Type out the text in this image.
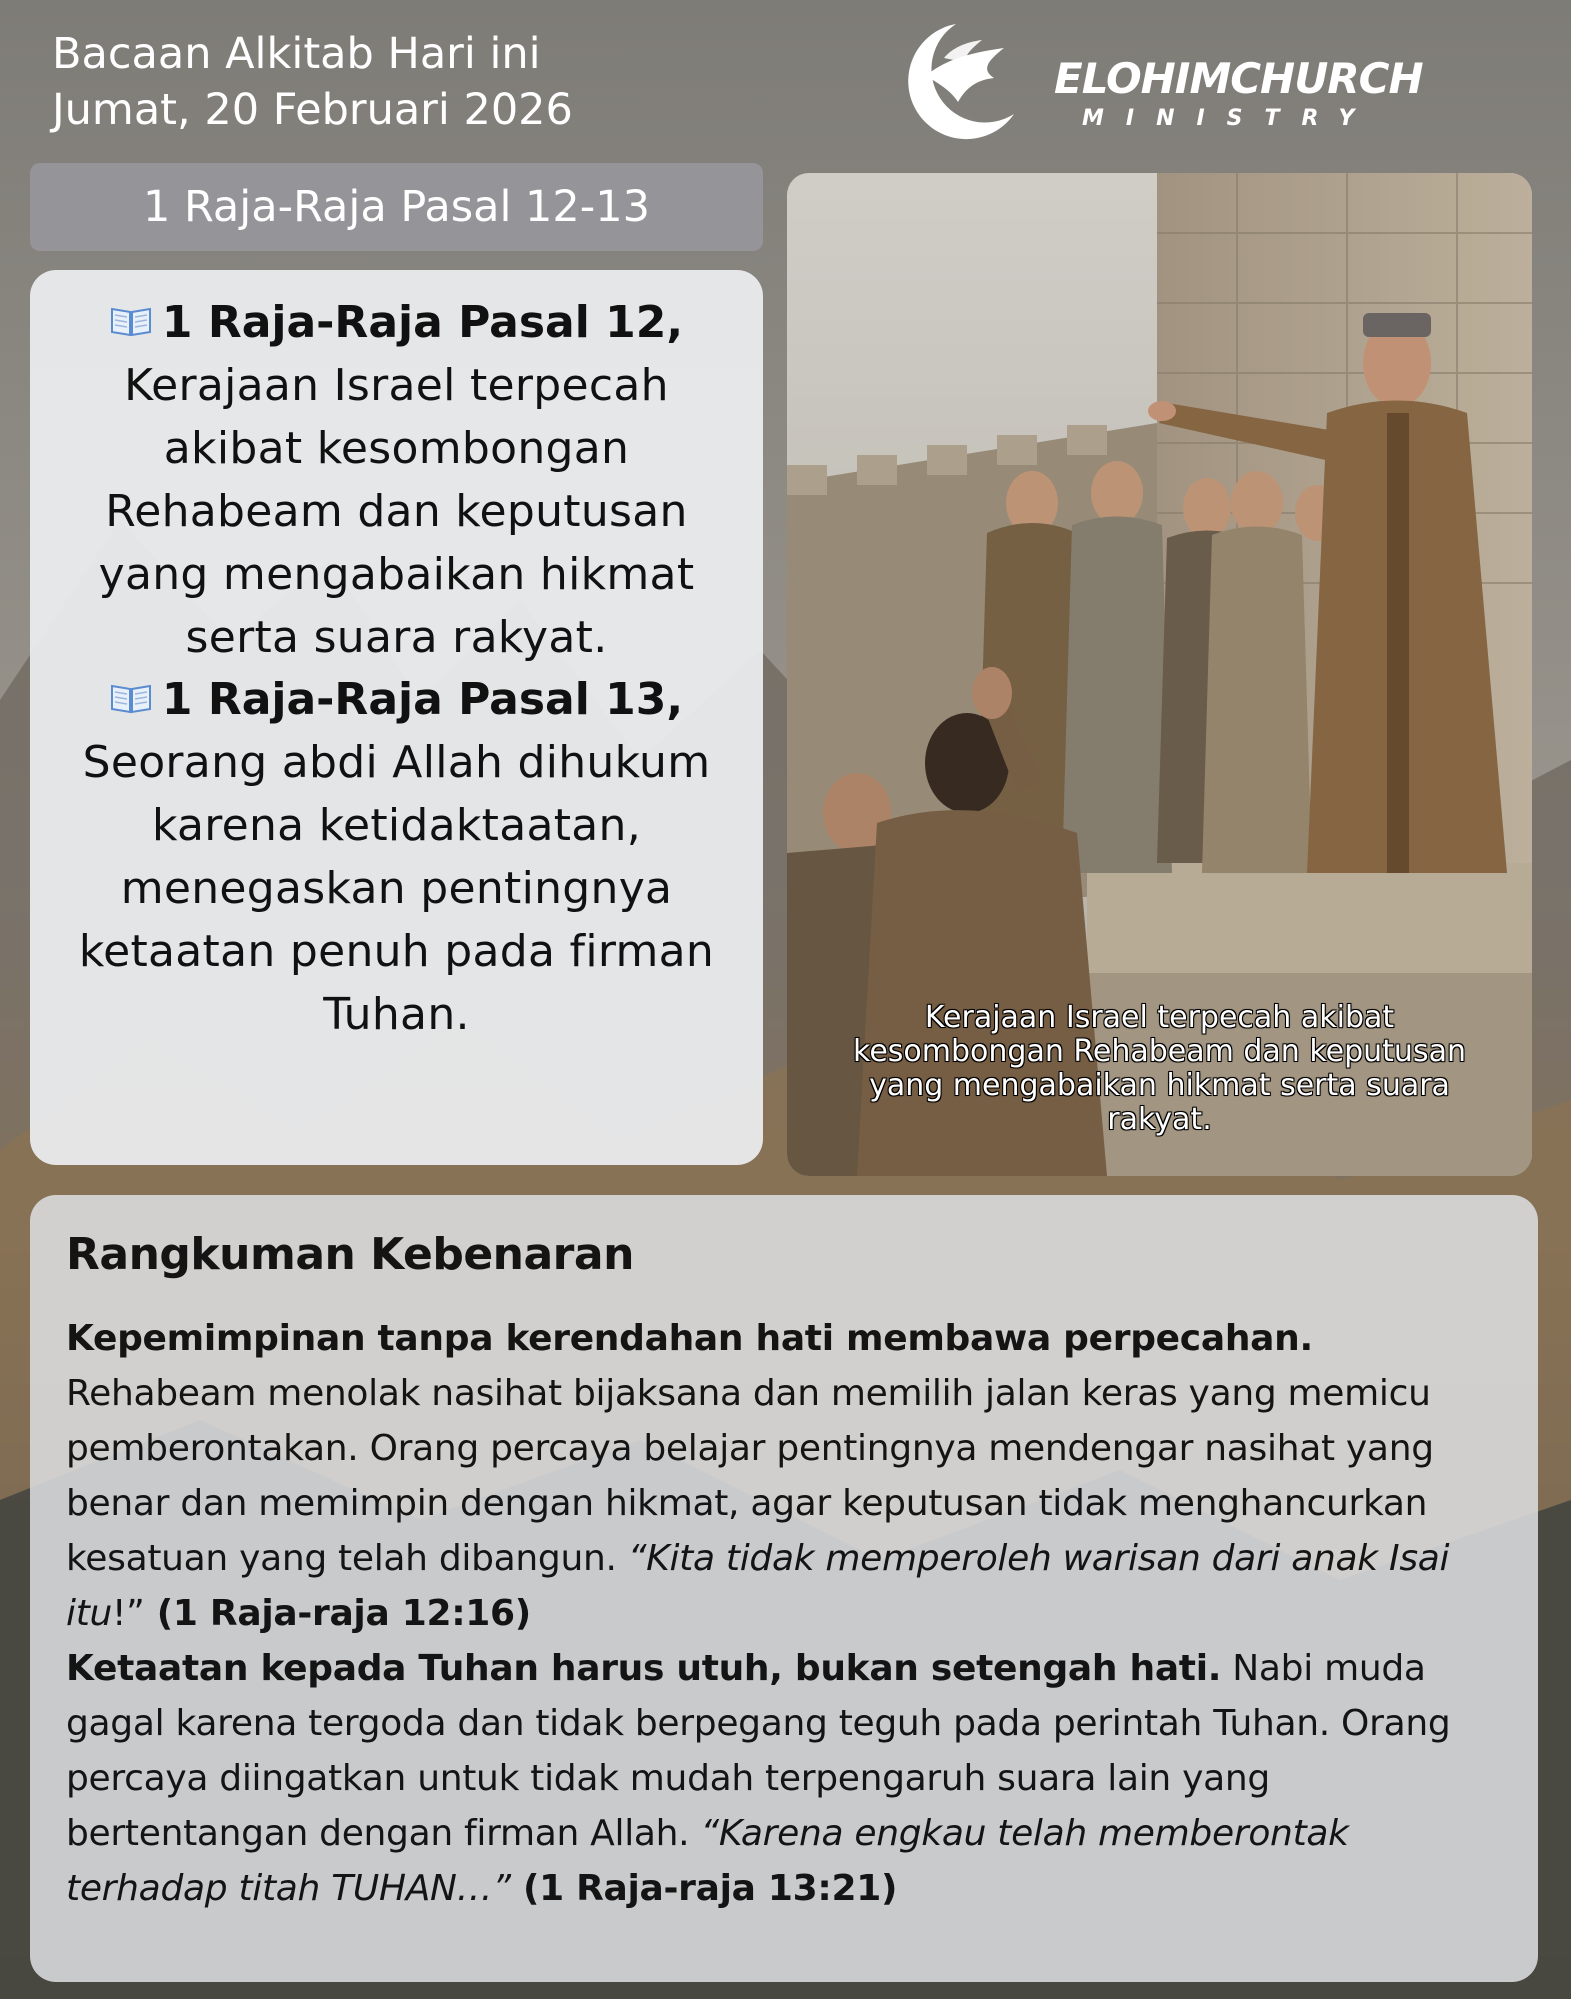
Bacaan Alkitab Hari ini
Jumat, 20 Februari 2026
ELOHIMCHURCH
MINISTRY
1 Raja-Raja Pasal 12-13
1 Raja-Raja Pasal 12,
Kerajaan Israel terpecah akibat kesombongan Rehabeam dan keputusan yang mengabaikan hikmat serta suara rakyat.
1 Raja-Raja Pasal 13,
Seorang abdi Allah dihukum karena ketidaktaatan, menegaskan pentingnya ketaatan penuh pada firman Tuhan.	Kerajaan Israel terpecah akibat kesombongan Rehabeam dan keputusan yang mengabaikan hikmat serta suara rakyat.
Rangkuman Kebenaran
Kepemimpinan tanpa kerendahan hati membawa perpecahan. Rehabeam menolak nasihat bijaksana dan memilih jalan keras yang memicu pemberontakan. Orang percaya belajar pentingnya mendengar nasihat yang benar dan memimpin dengan hikmat, agar keputusan tidak menghancurkan kesatuan yang telah dibangun. “Kita tidak memperoleh warisan dari anak Isai itu!” (1 Raja-raja 12:16)
Ketaatan kepada Tuhan harus utuh, bukan setengah hati. Nabi muda gagal karena tergoda dan tidak berpegang teguh pada perintah Tuhan. Orang percaya diingatkan untuk tidak mudah terpengaruh suara lain yang bertentangan dengan firman Allah. “Karena engkau telah memberontak terhadap titah TUHAN…” (1 Raja-raja 13:21)
